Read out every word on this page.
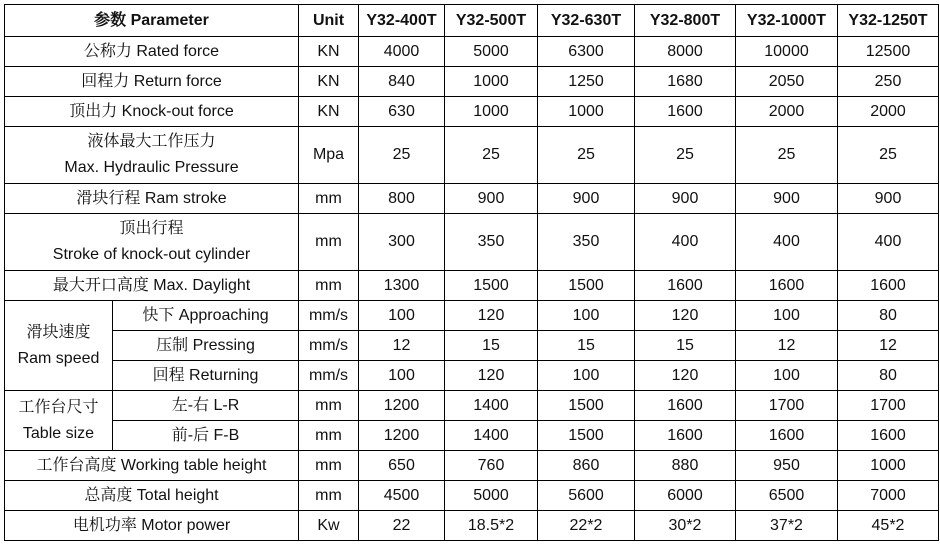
参数 Parameter		Unit	Y32-400T	Y32-500T	Y32-630T	Y32-800T	Y32-1000T	Y32-1250T
公称力 Rated force		KN	4000	5000	6300	8000	10000	12500
回程力 Return force		KN	840	1000	1250	1680	2050	250
顶出力 Knock-out force		KN	630	1000	1000	1600	2000	2000

液体最大工作压力
Max. Hydraulic Pressure		Mpa	25	25	25	25	25	25
滑块行程 Ram stroke		mm	800	900	900	900	900	900

顶出行程
Stroke of knock-out cylinder		mm	300	350	350	400	400	400
最大开口高度 Max. Daylight		mm	1300	1500	1500	1600	1600	1600

滑块速度
Ram speed	快下 Approaching	mm/s	100	120	100	120	100	80
	压制 Pressing	mm/s	12	15	15	15	12	12
	回程 Returning	mm/s	100	120	100	120	100	80

工作台尺寸
Table size	左-右 L-R	mm	1200	1400	1500	1600	1700	1700
	前-后 F-B	mm	1200	1400	1500	1600	1600	1600
工作台高度 Working table height		mm	650	760	860	880	950	1000
总高度 Total height		mm	4500	5000	5600	6000	6500	7000
电机功率 Motor power		Kw	22	18.5*2	22*2	30*2	37*2	45*2
